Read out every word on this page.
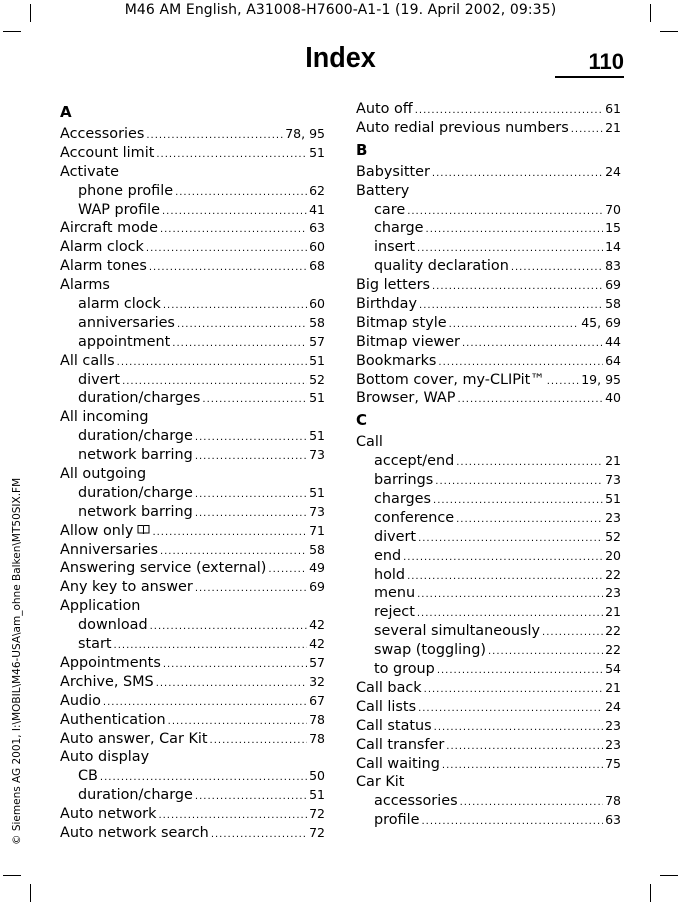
M46 AM English, A31008-H7600-A1-1 (19. April 2002, 09:35)
© Siemens AG 2001, I:\MOBIL\M46-USA\am_ohne Balken\MT50SIX.FM
Index	110
A
Accessories .....	78, 95
Account limit .....	51
Activate
phone profile .....	62
WAP profile .....	41
Aircraft mode .....	63
Alarm clock .....	60
Alarm tones .....	68
Alarms
alarm clock .....	60
anniversaries .....	58
appointment .....	57
All calls .....	51
divert .....	52
duration/charges .....	51
All incoming
duration/charge .....	51
network barring .....	73
All outgoing
duration/charge .....	51
network barring .....	73
Allow only .....	71
Anniversaries .....	58
Answering service (external) .....	49
Any key to answer .....	69
Application
download .....	42
start .....	42
Appointments .....	57
Archive, SMS .....	32
Audio .....	67
Authentication .....	78
Auto answer, Car Kit .....	78
Auto display
CB .....	50
duration/charge .....	51
Auto network .....	72
Auto network search .....	72
Auto off .....	61
Auto redial previous numbers .....	21
B
Babysitter .....	24
Battery
care .....	70
charge .....	15
insert .....	14
quality declaration .....	83
Big letters .....	69
Birthday .....	58
Bitmap style .....	45, 69
Bitmap viewer .....	44
Bookmarks .....	64
Bottom cover, my-CLIPit™ .....	19, 95
Browser, WAP .....	40
C
Call
accept/end .....	21
barrings .....	73
charges .....	51
conference .....	23
divert .....	52
end .....	20
hold .....	22
menu .....	23
reject .....	21
several simultaneously .....	22
swap (toggling) .....	22
to group .....	54
Call back .....	21
Call lists .....	24
Call status .....	23
Call transfer .....	23
Call waiting .....	75
Car Kit
accessories .....	78
profile .....	63
